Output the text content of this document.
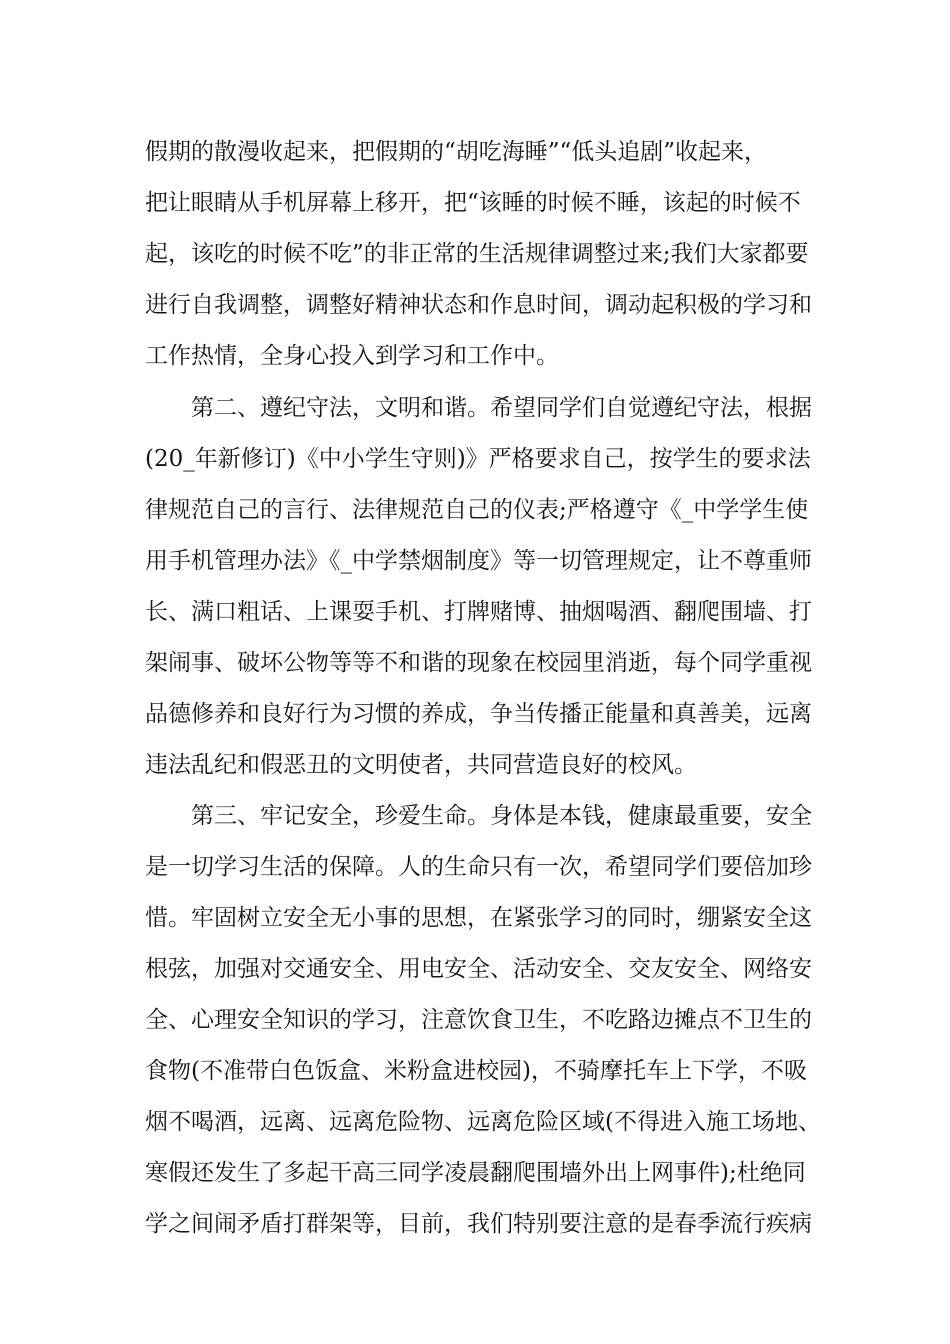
假期的散漫收起来，把假期的“胡吃海睡”“低头追剧”收起来，
把让眼睛从手机屏幕上移开，把“该睡的时候不睡，该起的时候不
起，该吃的时候不吃”的非正常的生活规律调整过来;我们大家都要
进行自我调整，调整好精神状态和作息时间，调动起积极的学习和
工作热情，全身心投入到学习和工作中。
第二、遵纪守法，文明和谐。希望同学们自觉遵纪守法，根据
(20_年新修订)《中小学生守则)》严格要求自己，按学生的要求法
律规范自己的言行、法律规范自己的仪表;严格遵守《_中学学生使
用手机管理办法》《_中学禁烟制度》等一切管理规定，让不尊重师
长、满口粗话、上课耍手机、打牌赌博、抽烟喝酒、翻爬围墙、打
架闹事、破坏公物等等不和谐的现象在校园里消逝，每个同学重视
品德修养和良好行为习惯的养成，争当传播正能量和真善美，远离
违法乱纪和假恶丑的文明使者，共同营造良好的校风。
第三、牢记安全，珍爱生命。身体是本钱，健康最重要，安全
是一切学习生活的保障。人的生命只有一次，希望同学们要倍加珍
惜。牢固树立安全无小事的思想，在紧张学习的同时，绷紧安全这
根弦，加强对交通安全、用电安全、活动安全、交友安全、网络安
全、心理安全知识的学习，注意饮食卫生，不吃路边摊点不卫生的
食物(不准带白色饭盒、米粉盒进校园)，不骑摩托车上下学，不吸
烟不喝酒，远离、远离危险物、远离危险区域(不得进入施工场地、
寒假还发生了多起干高三同学凌晨翻爬围墙外出上网事件);杜绝同
学之间闹矛盾打群架等，目前，我们特别要注意的是春季流行疾病
